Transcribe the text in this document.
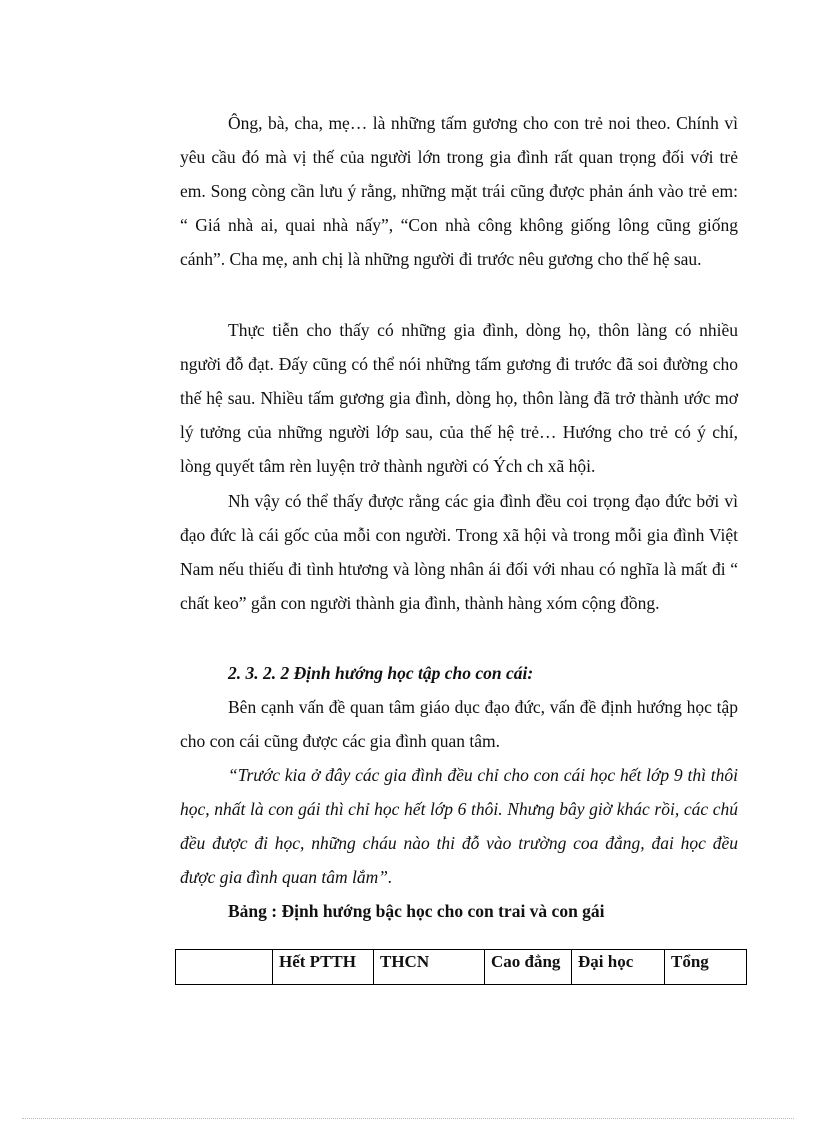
Ông, bà, cha, mẹ… là những tấm gương cho con trẻ noi theo. Chính vì yêu cầu đó mà vị thế của người lớn trong gia đình rất quan trọng đối với trẻ em. Song còng cần lưu ý rằng, những mặt trái cũng được phản ánh vào trẻ em: “ Giá nhà ai, quai nhà nấy”, “Con nhà công không giống lông cũng giống cánh”. Cha mẹ, anh chị là những người đi trước nêu gương cho thế hệ sau.

Thực tiễn cho thấy có những gia đình, dòng họ, thôn làng có nhiều người đỗ đạt. Đấy cũng có thể nói những tấm gương đi trước đã soi đường cho thế hệ sau. Nhiều tấm gương gia đình, dòng họ, thôn làng đã trở thành ước mơ lý tưởng của những người lớp sau, của thế hệ trẻ… Hướng cho trẻ có ý chí, lòng quyết tâm rèn luyện trở thành người có Ých ch xã hội.

Nh vậy có thể thấy được rằng các gia đình đều coi trọng đạo đức bởi vì đạo đức là cái gốc của mỗi con người. Trong xã hội và trong mỗi gia đình Việt Nam nếu thiếu đi tình htương và lòng nhân ái đối với nhau có nghĩa là mất đi “ chất keo” gắn con người thành gia đình, thành hàng xóm cộng đồng.

2. 3. 2. 2 Định hướng học tập cho con cái:

Bên cạnh vấn đề quan tâm giáo dục đạo đức, vấn đề định hướng học tập cho con cái cũng được các gia đình quan tâm.

“Trước kia ở đây các gia đình đều chỉ cho con cái học hết lớp 9 thì thôi học, nhất là con gái thì chỉ học hết lớp 6 thôi. Nhưng bây giờ khác rồi, các chú đều được đi học, những cháu nào thi đỗ vào trường coa đẳng, đai học đều được gia đình quan tâm lắm”.

Bảng : Định hướng bậc học cho con trai và con gái

	Hết PTTH	THCN	Cao đẳng	Đại học	Tổng
